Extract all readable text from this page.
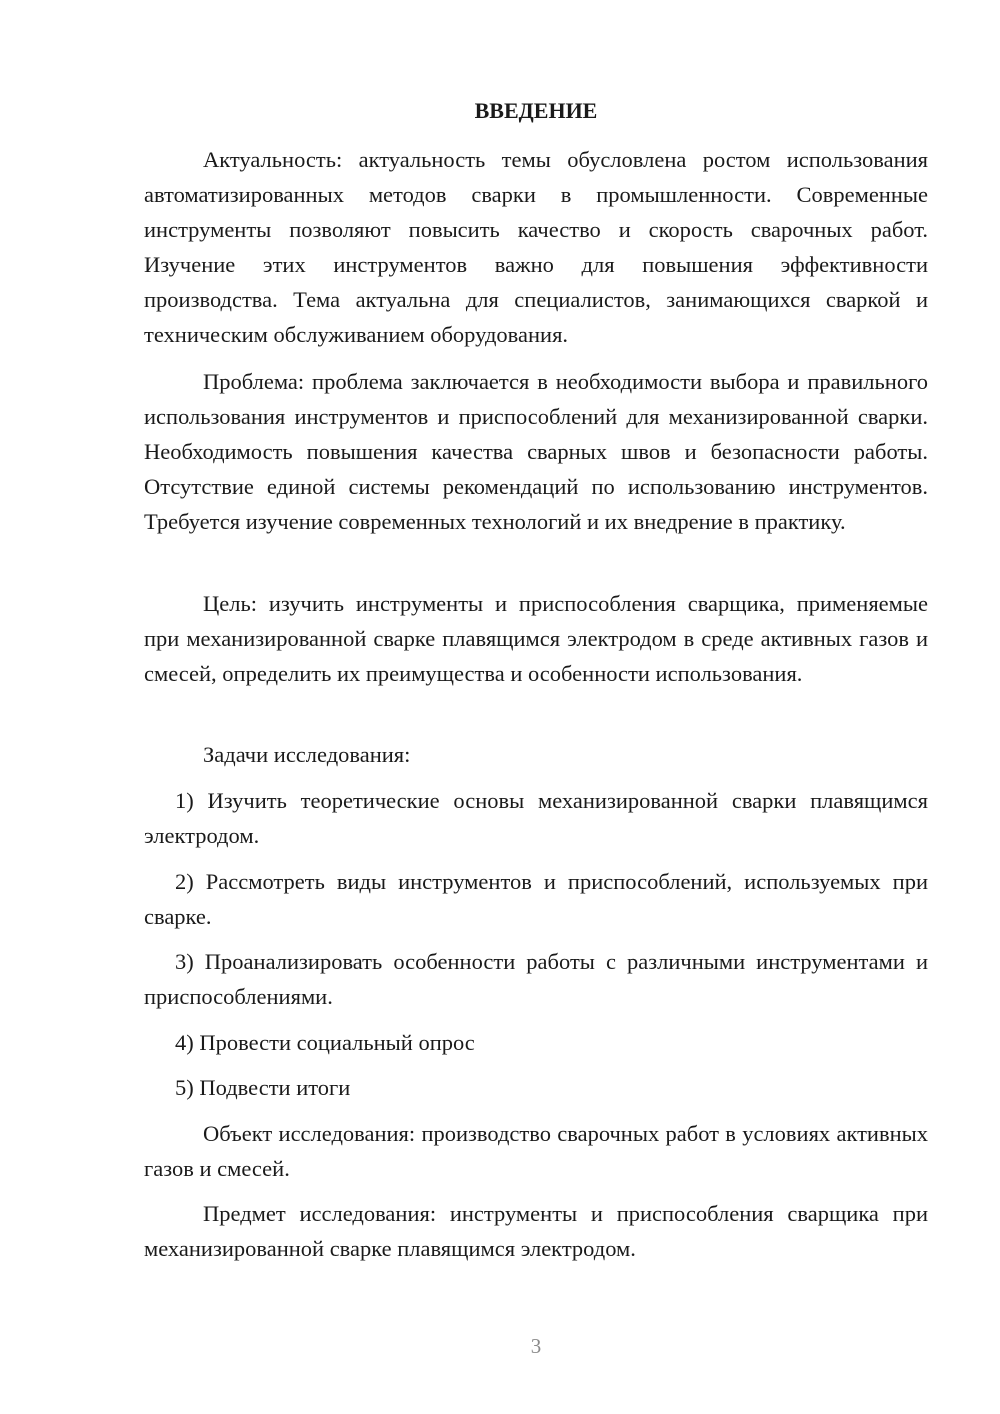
ВВЕДЕНИЕ

Актуальность: актуальность темы обусловлена ростом использования автоматизированных методов сварки в промышленности. Современные инструменты позволяют повысить качество и скорость сварочных работ. Изучение этих инструментов важно для повышения эффективности производства. Тема актуальна для специалистов, занимающихся сваркой и техническим обслуживанием оборудования.

Проблема: проблема заключается в необходимости выбора и правильного использования инструментов и приспособлений для механизированной сварки. Необходимость повышения качества сварных швов и безопасности работы. Отсутствие единой системы рекомендаций по использованию инструментов. Требуется изучение современных технологий и их внедрение в практику.

Цель: изучить инструменты и приспособления сварщика, применяемые при механизированной сварке плавящимся электродом в среде активных газов и смесей, определить их преимущества и особенности использования.

Задачи исследования:

1) Изучить теоретические основы механизированной сварки плавящимся электродом.

2) Рассмотреть виды инструментов и приспособлений, используемых при сварке.

3) Проанализировать особенности работы с различными инструментами и приспособлениями.

4) Провести социальный опрос

5) Подвести итоги

Объект исследования: производство сварочных работ в условиях активных газов и смесей.

Предмет исследования: инструменты и приспособления сварщика при механизированной сварке плавящимся электродом.

3
